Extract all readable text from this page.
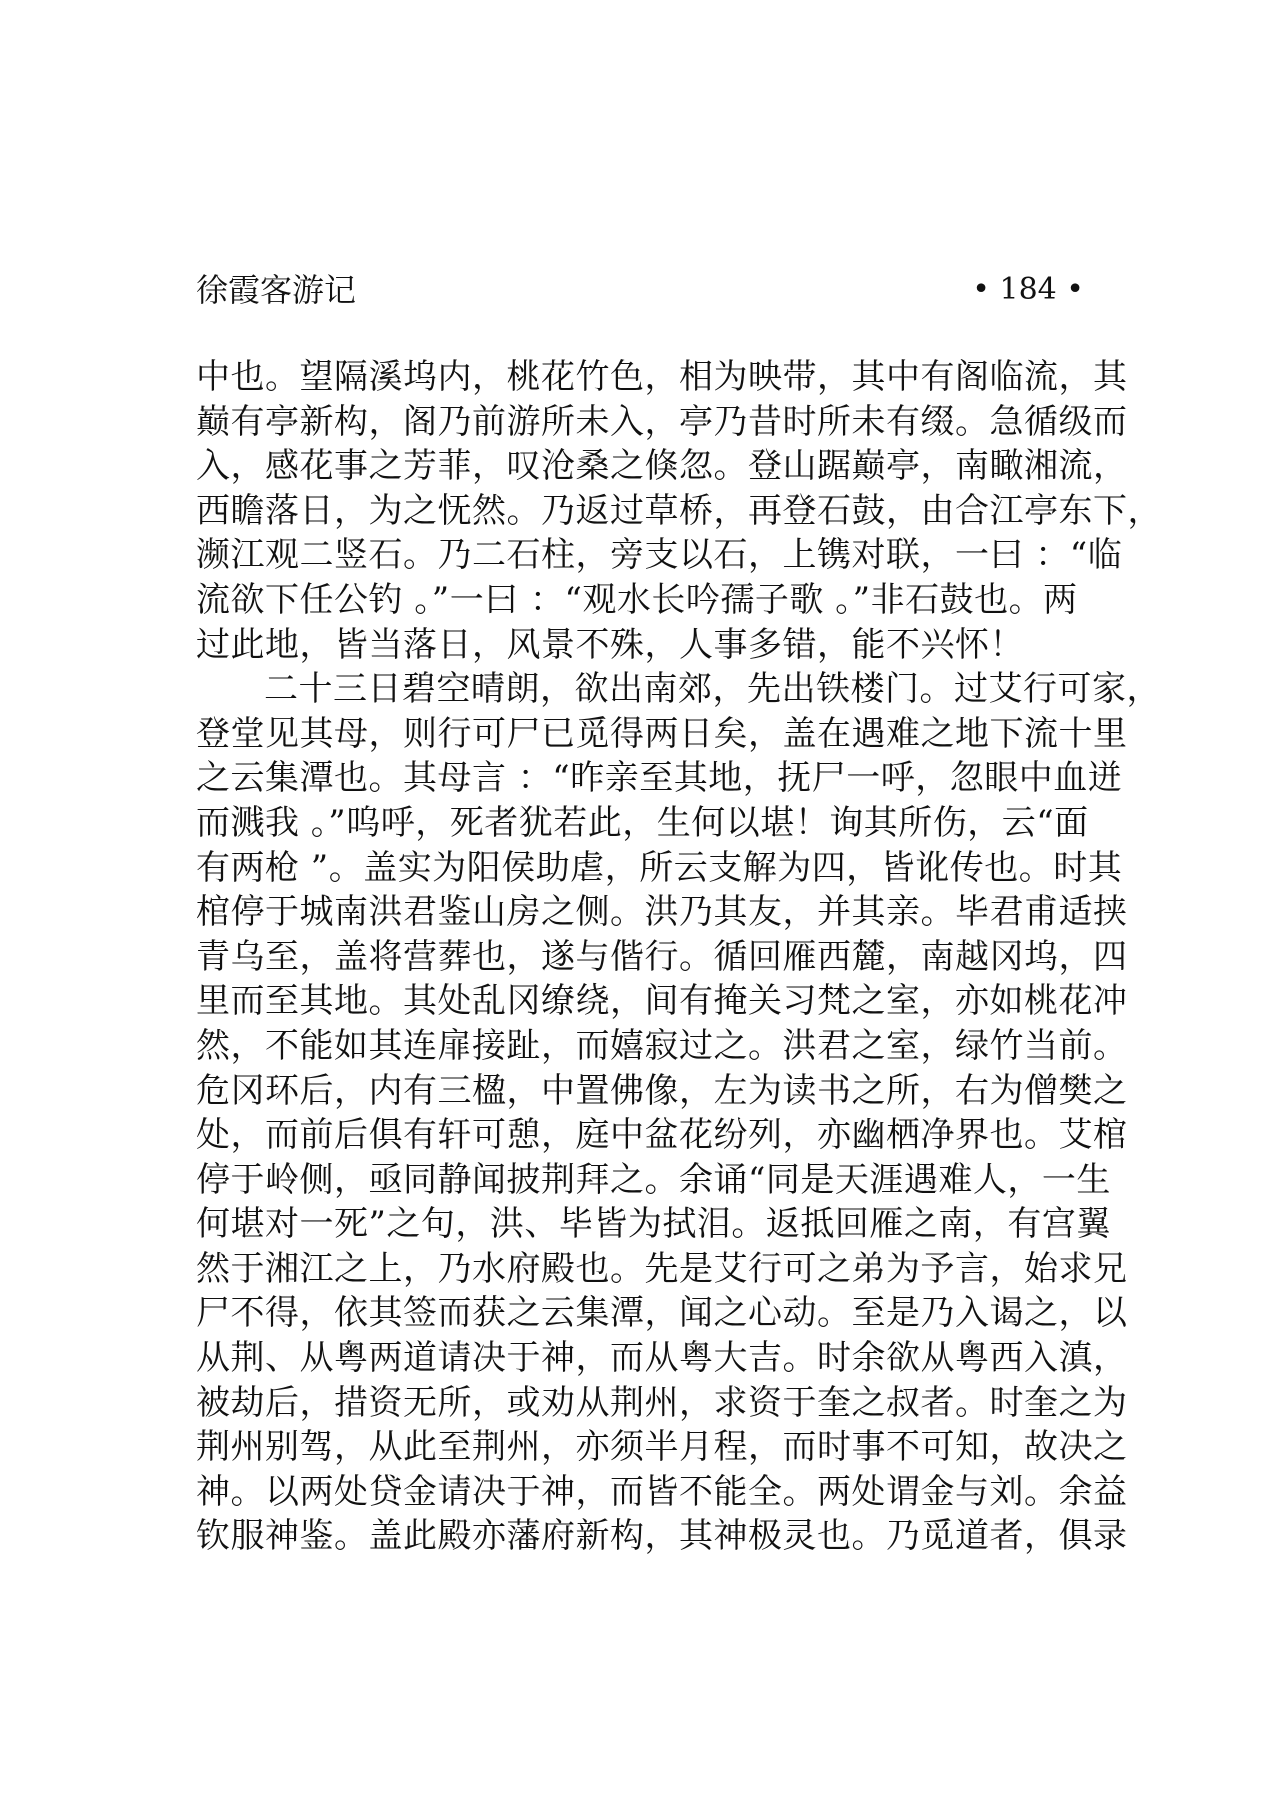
徐霞客游记	• 184 •
中也。望隔溪坞内，桃花竹色，相为映带，其中有阁临流，其
巅有亭新构，阁乃前游所未入，亭乃昔时所未有缀。急循级而
入，感花事之芳菲，叹沧桑之倏忽。登山踞巅亭，南瞰湘流，
西瞻落日，为之怃然。乃返过草桥，再登石鼓，由合江亭东下，
濒江观二竖石。乃二石柱，旁支以石，上镌对联，一曰 ：“临
流欲下任公钓 。”一曰 ：“观水长吟孺子歌 。”非石鼓也。两
过此地，皆当落日，风景不殊，人事多错，能不兴怀！
二十三日碧空晴朗，欲出南郊，先出铁楼门。过艾行可家，
登堂见其母，则行可尸已觅得两日矣，盖在遇难之地下流十里
之云集潭也。其母言 ：“昨亲至其地，抚尸一呼，忽眼中血迸
而溅我 。”呜呼，死者犹若此，生何以堪！询其所伤，云“面
有两枪 ”。盖实为阳侯助虐，所云支解为四，皆讹传也。时其
棺停于城南洪君鉴山房之侧。洪乃其友，并其亲。毕君甫适挟
青乌至，盖将营葬也，遂与偕行。循回雁西麓，南越冈坞，四
里而至其地。其处乱冈缭绕，间有掩关习梵之室，亦如桃花冲
然，不能如其连扉接趾，而嬉寂过之。洪君之室，绿竹当前。
危冈环后，内有三楹，中置佛像，左为读书之所，右为僧樊之
处，而前后俱有轩可憩，庭中盆花纷列，亦幽栖净界也。艾棺
停于岭侧，亟同静闻披荆拜之。余诵“同是天涯遇难人，一生
何堪对一死”之句，洪、毕皆为拭泪。返抵回雁之南，有宫翼
然于湘江之上，乃水府殿也。先是艾行可之弟为予言，始求兄
尸不得，依其签而获之云集潭，闻之心动。至是乃入谒之，以
从荆、从粤两道请决于神，而从粤大吉。时余欲从粤西入滇，
被劫后，措资无所，或劝从荆州，求资于奎之叔者。时奎之为
荆州别驾，从此至荆州，亦须半月程，而时事不可知，故决之
神。以两处贷金请决于神，而皆不能全。两处谓金与刘。余益
钦服神鉴。盖此殿亦藩府新构，其神极灵也。乃觅道者，俱录
